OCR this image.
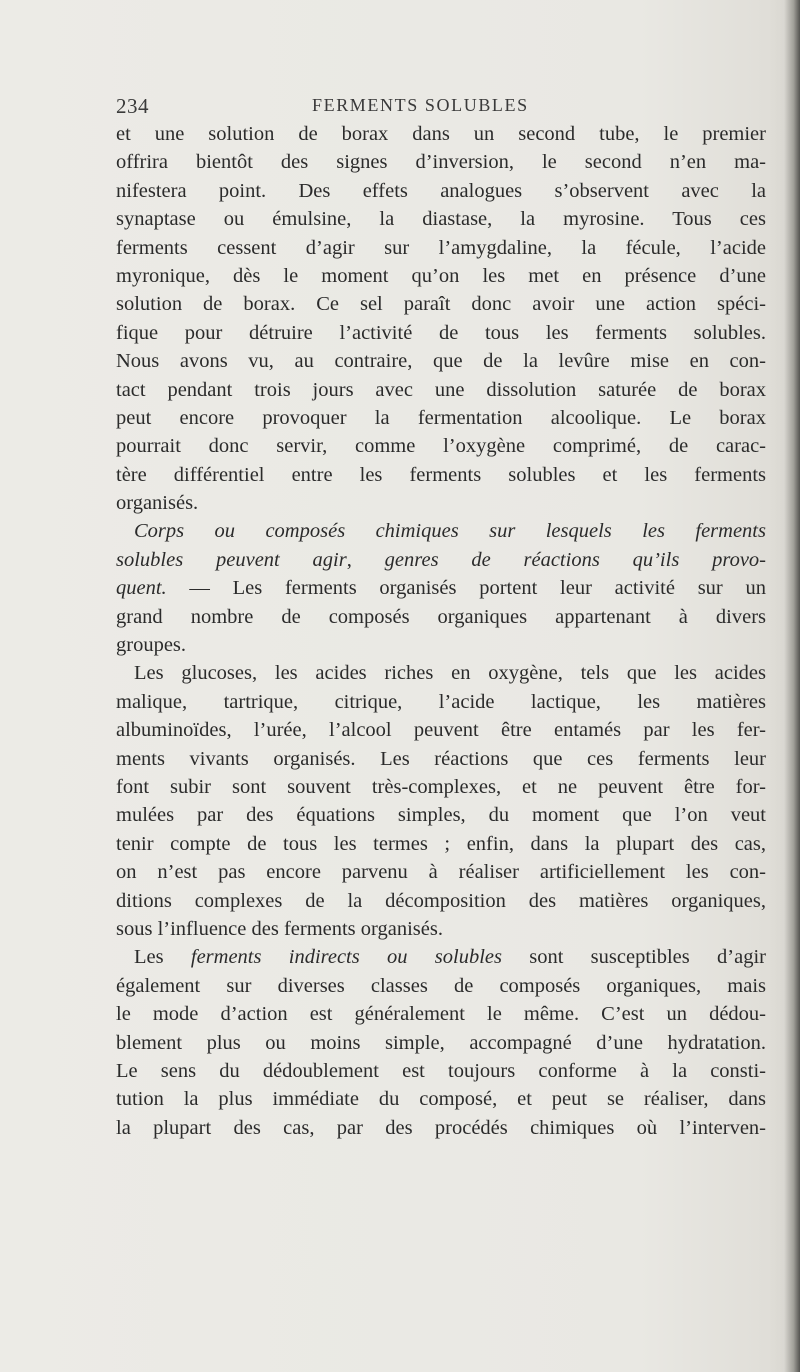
234	FERMENTS SOLUBLES
et une solution de borax dans un second tube, le premier
offrira bientôt des signes d’inversion, le second n’en ma-
nifestera point. Des effets analogues s’observent avec la
synaptase ou émulsine, la diastase, la myrosine. Tous ces
ferments cessent d’agir sur l’amygdaline, la fécule, l’acide
myronique, dès le moment qu’on les met en présence d’une
solution de borax. Ce sel paraît donc avoir une action spéci-
fique pour détruire l’activité de tous les ferments solubles.
Nous avons vu, au contraire, que de la levûre mise en con-
tact pendant trois jours avec une dissolution saturée de borax
peut encore provoquer la fermentation alcoolique. Le borax
pourrait donc servir, comme l’oxygène comprimé, de carac-
tère différentiel entre les ferments solubles et les ferments
organisés.
Corps ou composés chimiques sur lesquels les ferments
solubles peuvent agir, genres de réactions qu’ils provo-
quent. — Les ferments organisés portent leur activité sur un
grand nombre de composés organiques appartenant à divers
groupes.
Les glucoses, les acides riches en oxygène, tels que les acides
malique, tartrique, citrique, l’acide lactique, les matières
albuminoïdes, l’urée, l’alcool peuvent être entamés par les fer-
ments vivants organisés. Les réactions que ces ferments leur
font subir sont souvent très-complexes, et ne peuvent être for-
mulées par des équations simples, du moment que l’on veut
tenir compte de tous les termes ; enfin, dans la plupart des cas,
on n’est pas encore parvenu à réaliser artificiellement les con-
ditions complexes de la décomposition des matières organiques,
sous l’influence des ferments organisés.
Les ferments indirects ou solubles sont susceptibles d’agir
également sur diverses classes de composés organiques, mais
le mode d’action est généralement le même. C’est un dédou-
blement plus ou moins simple, accompagné d’une hydratation.
Le sens du dédoublement est toujours conforme à la consti-
tution la plus immédiate du composé, et peut se réaliser, dans
la plupart des cas, par des procédés chimiques où l’interven-
